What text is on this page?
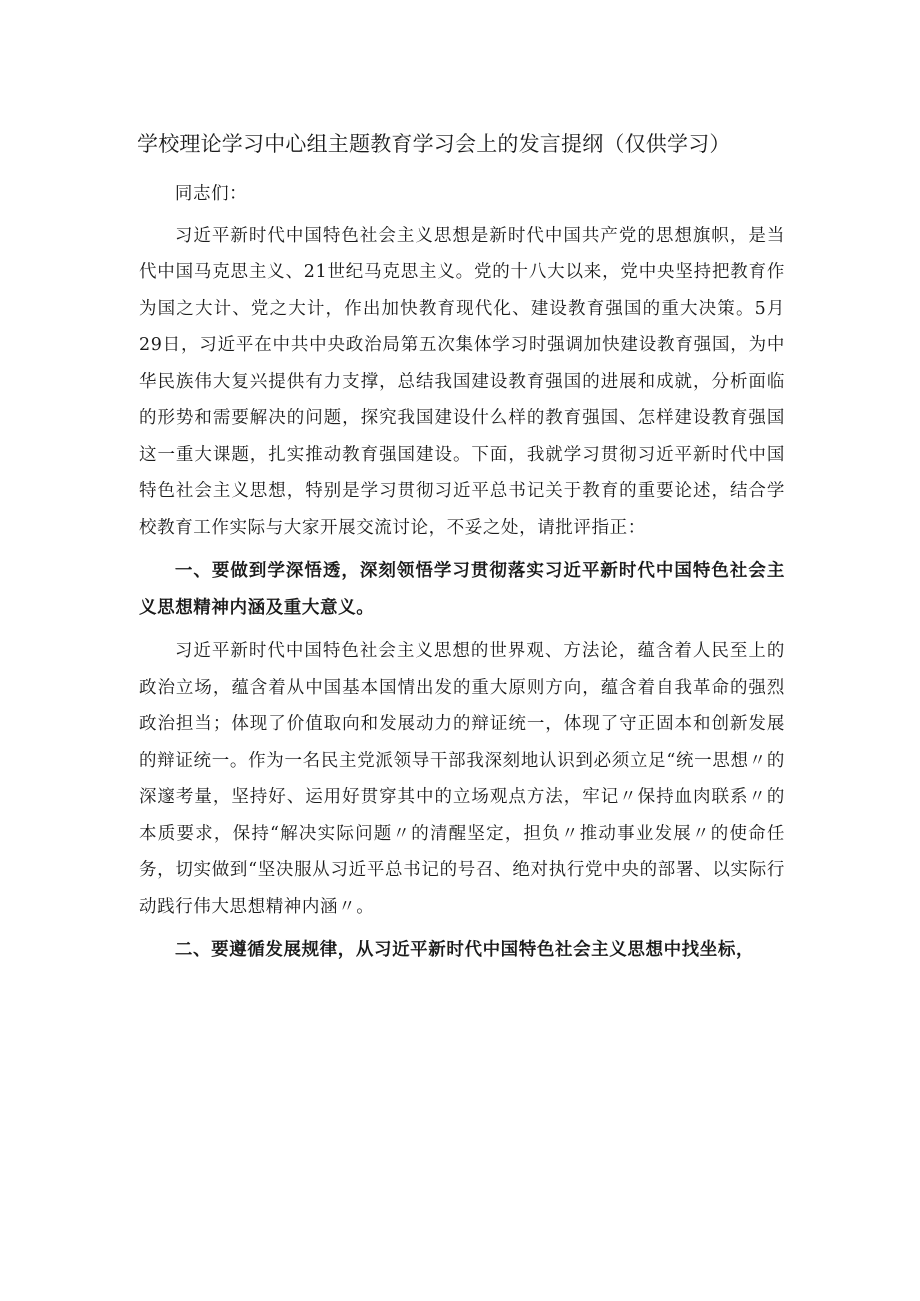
学校理论学习中心组主题教育学习会上的发言提纲（仅供学习）

同志们：

习近平新时代中国特色社会主义思想是新时代中国共产党的思想旗帜，是当代中国马克思主义、21世纪马克思主义。党的十八大以来，党中央坚持把教育作为国之大计、党之大计，作出加快教育现代化、建设教育强国的重大决策。5月29日，习近平在中共中央政治局第五次集体学习时强调加快建设教育强国，为中华民族伟大复兴提供有力支撑，总结我国建设教育强国的进展和成就，分析面临的形势和需要解决的问题，探究我国建设什么样的教育强国、怎样建设教育强国这一重大课题，扎实推动教育强国建设。下面，我就学习贯彻习近平新时代中国特色社会主义思想，特别是学习贯彻习近平总书记关于教育的重要论述，结合学校教育工作实际与大家开展交流讨论，不妥之处，请批评指正：

一、要做到学深悟透，深刻领悟学习贯彻落实习近平新时代中国特色社会主义思想精神内涵及重大意义。

习近平新时代中国特色社会主义思想的世界观、方法论，蕴含着人民至上的政治立场，蕴含着从中国基本国情出发的重大原则方向，蕴含着自我革命的强烈政治担当；体现了价值取向和发展动力的辩证统一，体现了守正固本和创新发展的辩证统一。作为一名民主党派领导干部我深刻地认识到必须立足“统一思想〃的深邃考量，坚持好、运用好贯穿其中的立场观点方法，牢记〃保持血肉联系〃的本质要求，保持“解决实际问题〃的清醒坚定，担负〃推动事业发展〃的使命任务，切实做到“坚决服从习近平总书记的号召、绝对执行党中央的部署、以实际行动践行伟大思想精神内涵〃。

二、要遵循发展规律，从习近平新时代中国特色社会主义思想中找坐标，
